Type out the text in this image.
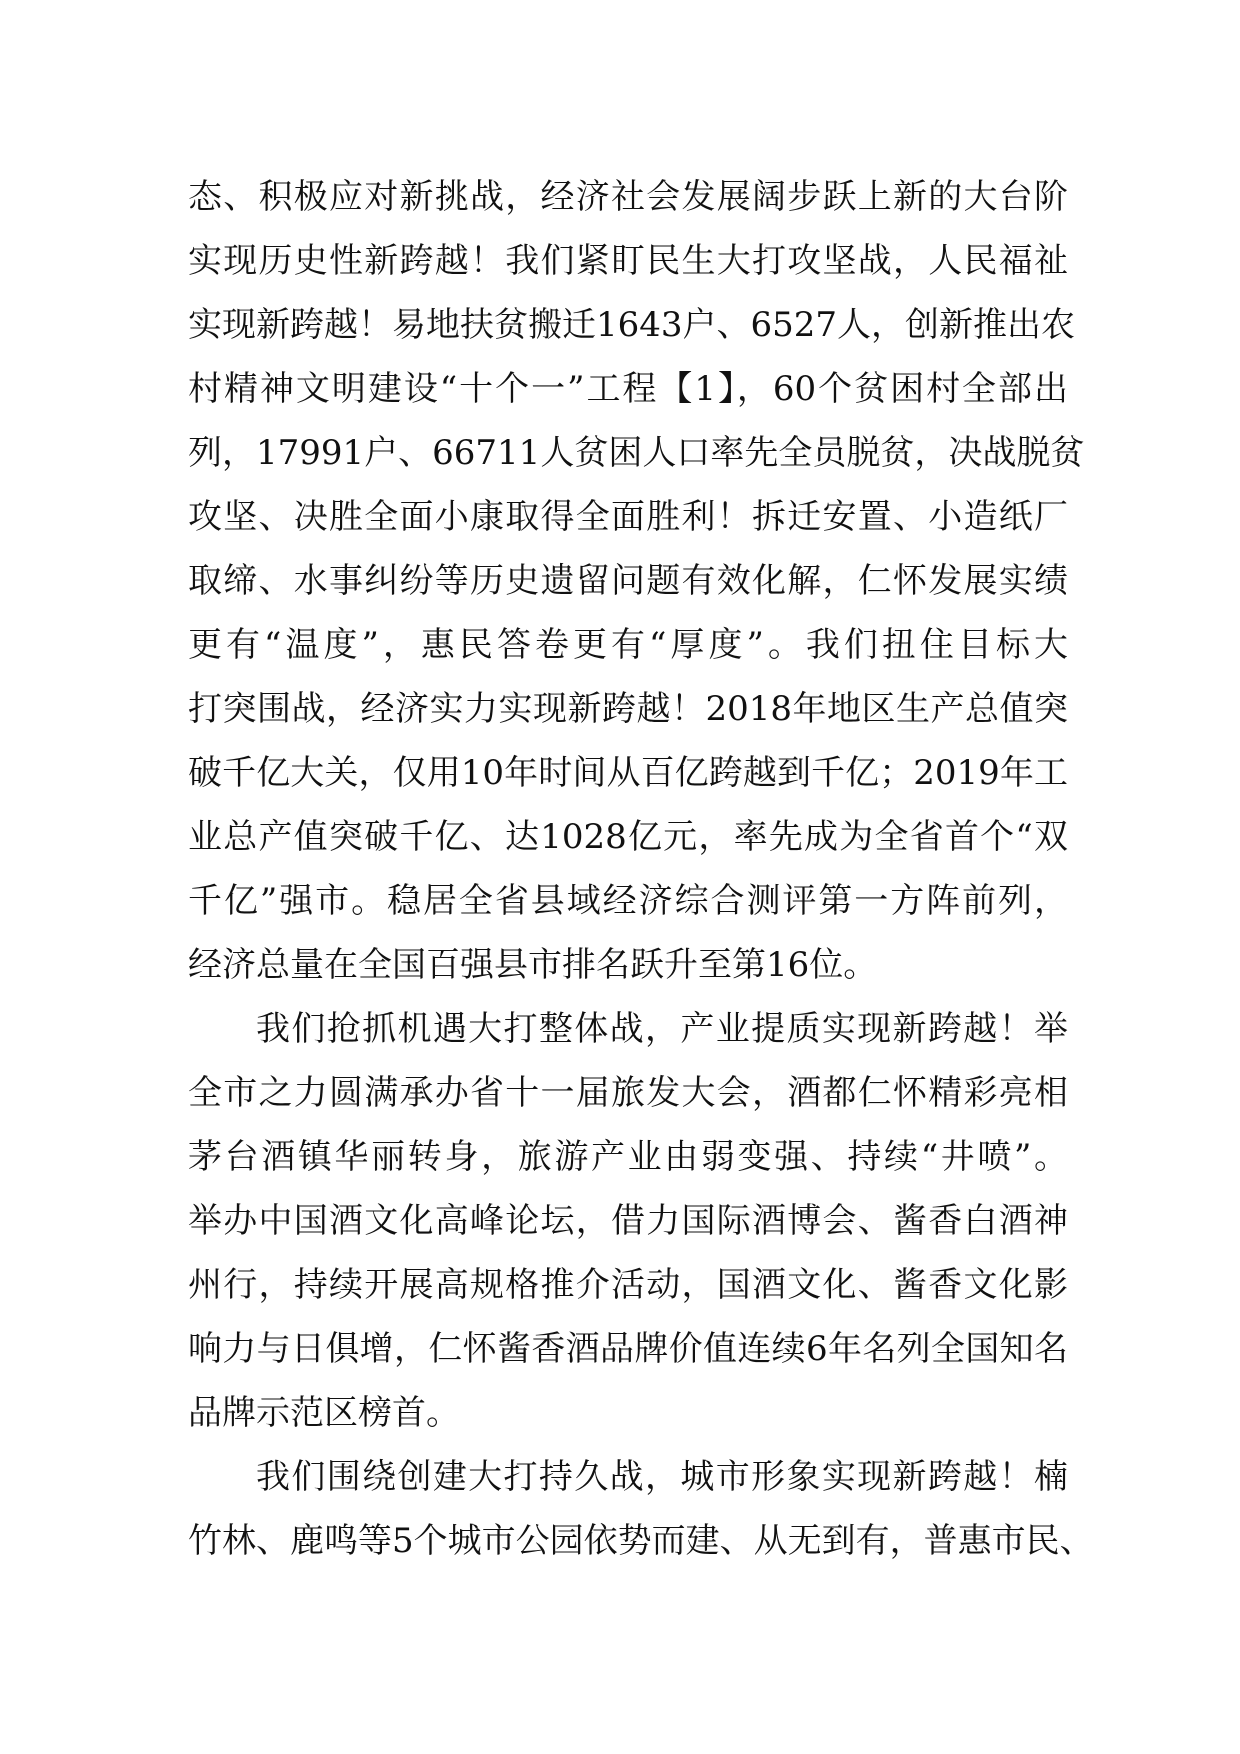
态、积极应对新挑战，经济社会发展阔步跃上新的大台阶
实现历史性新跨越！我们紧盯民生大打攻坚战，人民福祉
实现新跨越！易地扶贫搬迁1643户、6527人，创新推出农
村精神文明建设“十个一”工程【1】，60个贫困村全部出
列，17991户、66711人贫困人口率先全员脱贫，决战脱贫
攻坚、决胜全面小康取得全面胜利！拆迁安置、小造纸厂
取缔、水事纠纷等历史遗留问题有效化解，仁怀发展实绩
更有“温度”，惠民答卷更有“厚度”。我们扭住目标大
打突围战，经济实力实现新跨越！2018年地区生产总值突
破千亿大关，仅用10年时间从百亿跨越到千亿；2019年工
业总产值突破千亿、达1028亿元，率先成为全省首个“双
千亿”强市。稳居全省县域经济综合测评第一方阵前列，
经济总量在全国百强县市排名跃升至第16位。
我们抢抓机遇大打整体战，产业提质实现新跨越！举
全市之力圆满承办省十一届旅发大会，酒都仁怀精彩亮相
茅台酒镇华丽转身，旅游产业由弱变强、持续“井喷”。
举办中国酒文化高峰论坛，借力国际酒博会、酱香白酒神
州行，持续开展高规格推介活动，国酒文化、酱香文化影
响力与日俱增，仁怀酱香酒品牌价值连续6年名列全国知名
品牌示范区榜首。
我们围绕创建大打持久战，城市形象实现新跨越！楠
竹林、鹿鸣等5个城市公园依势而建、从无到有，普惠市民、
